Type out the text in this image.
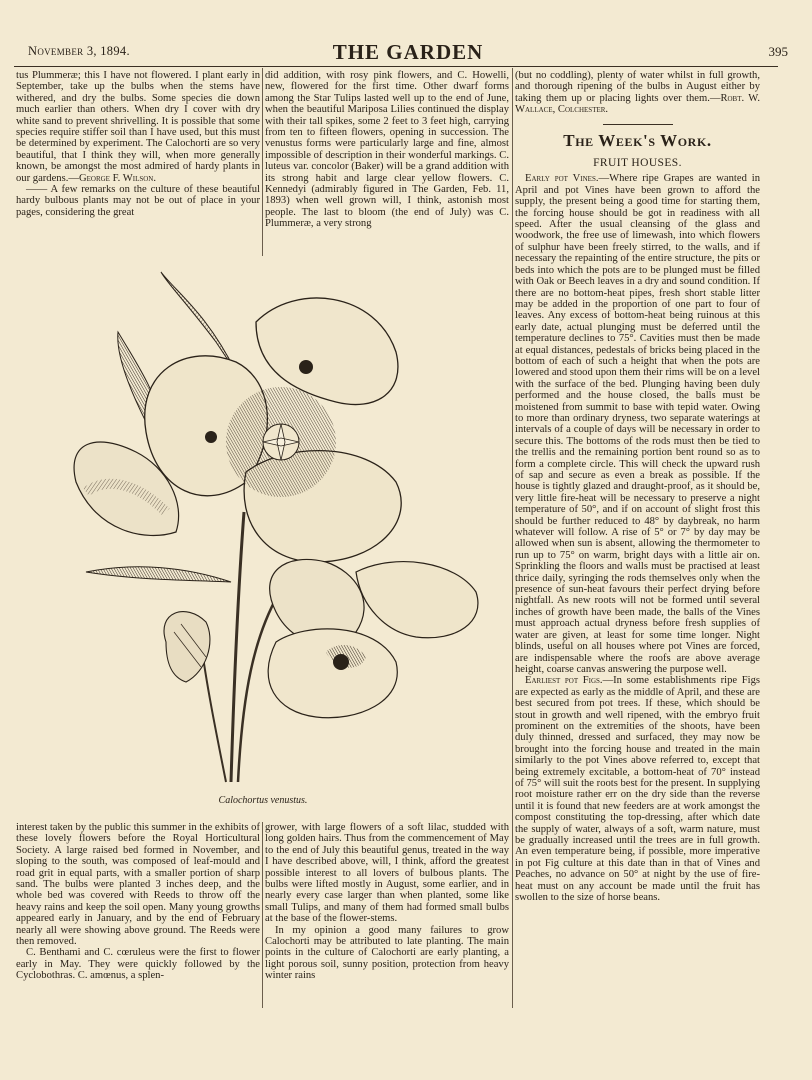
November 3, 1894.	THE GARDEN	395

tus Plummeræ; this I have not flowered. I plant early in September, take up the bulbs when the stems have withered, and dry the bulbs. Some species die down much earlier than others. When dry I cover with dry white sand to prevent shrivelling. It is possible that some species require stiffer soil than I have used, but this must be determined by experiment. The Calochorti are so very beautiful, that I think they will, when more generally known, be amongst the most admired of hardy plants in our gardens.—George F. Wilson.

—— A few remarks on the culture of these beautiful hardy bulbous plants may not be out of place in your pages, considering the great

did addition, with rosy pink flowers, and C. Howelli, new, flowered for the first time. Other dwarf forms among the Star Tulips lasted well up to the end of June, when the beautiful Mariposa Lilies continued the display with their tall spikes, some 2 feet to 3 feet high, carrying from ten to fifteen flowers, opening in succession. The venustus forms were particularly large and fine, almost impossible of description in their wonderful markings. C. luteus var. concolor (Baker) will be a grand addition with its strong habit and large clear yellow flowers. C. Kennedyi (admirably figured in The Garden, Feb. 11, 1893) when well grown will, I think, astonish most people. The last to bloom (the end of July) was C. Plummeræ, a very strong

(but no coddling), plenty of water whilst in full growth, and thorough ripening of the bulbs in August either by taking them up or placing lights over them.—Robt. W. Wallace, Colchester.

The Week's Work.
FRUIT HOUSES.

Early pot Vines.—Where ripe Grapes are wanted in April and pot Vines have been grown to afford the supply, the present being a good time for starting them, the forcing house should be got in readiness with all speed. After the usual cleansing of the glass and woodwork, the free use of limewash, into which flowers of sulphur have been freely stirred, to the walls, and if necessary the repainting of the entire structure, the pits or beds into which the pots are to be plunged must be filled with Oak or Beech leaves in a dry and sound condition. If there are no bottom-heat pipes, fresh short stable litter may be added in the proportion of one part to four of leaves. Any excess of bottom-heat being ruinous at this early date, actual plunging must be deferred until the temperature declines to 75°. Cavities must then be made at equal distances, pedestals of bricks being placed in the bottom of each of such a height that when the pots are lowered and stood upon them their rims will be on a level with the surface of the bed. Plunging having been duly performed and the house closed, the balls must be moistened from summit to base with tepid water. Owing to more than ordinary dryness, two separate waterings at intervals of a couple of days will be necessary in order to secure this. The bottoms of the rods must then be tied to the trellis and the remaining portion bent round so as to form a complete circle. This will check the upward rush of sap and secure as even a break as possible. If the house is tightly glazed and draught-proof, as it should be, very little fire-heat will be necessary to preserve a night temperature of 50°, and if on account of slight frost this should be further reduced to 48° by daybreak, no harm whatever will follow. A rise of 5° or 7° by day may be allowed when sun is absent, allowing the thermometer to run up to 75° on warm, bright days with a little air on. Sprinkling the floors and walls must be practised at least thrice daily, syringing the rods themselves only when the presence of sun-heat favours their perfect drying before nightfall. As new roots will not be formed until several inches of growth have been made, the balls of the Vines must approach actual dryness before fresh supplies of water are given, at least for some time longer. Night blinds, useful on all houses where pot Vines are forced, are indispensable where the roofs are above average height, coarse canvas answering the purpose well.

Earliest pot Figs.—In some establishments ripe Figs are expected as early as the middle of April, and these are best secured from pot trees. If these, which should be stout in growth and well ripened, with the embryo fruit prominent on the extremities of the shoots, have been duly thinned, dressed and surfaced, they may now be brought into the forcing house and treated in the main similarly to the pot Vines above referred to, except that being extremely excitable, a bottom-heat of 70° instead of 75° will suit the roots best for the present. In supplying root moisture rather err on the dry side than the reverse until it is found that new feeders are at work amongst the compost constituting the top-dressing, after which date the supply of water, always of a soft, warm nature, must be gradually increased until the trees are in full growth. An even temperature being, if possible, more imperative in pot Fig culture at this date than in that of Vines and Peaches, no advance on 50° at night by the use of fire-heat must on any account be made until the fruit has swollen to the size of horse beans.

Calochortus venustus.

interest taken by the public this summer in the exhibits of these lovely flowers before the Royal Horticultural Society. A large raised bed formed in November, and sloping to the south, was composed of leaf-mould and road grit in equal parts, with a smaller portion of sharp sand. The bulbs were planted 3 inches deep, and the whole bed was covered with Reeds to throw off the heavy rains and keep the soil open. Many young growths appeared early in January, and by the end of February nearly all were showing above ground. The Reeds were then removed.

C. Benthami and C. cœruleus were the first to flower early in May. They were quickly followed by the Cyclobothras. C. amœnus, a splen-

grower, with large flowers of a soft lilac, studded with long golden hairs. Thus from the commencement of May to the end of July this beautiful genus, treated in the way I have described above, will, I think, afford the greatest possible interest to all lovers of bulbous plants. The bulbs were lifted mostly in August, some earlier, and in nearly every case larger than when planted, some like small Tulips, and many of them had formed small bulbs at the base of the flower-stems.

In my opinion a good many failures to grow Calochorti may be attributed to late planting. The main points in the culture of Calochorti are early planting, a light porous soil, sunny position, protection from heavy winter rains
